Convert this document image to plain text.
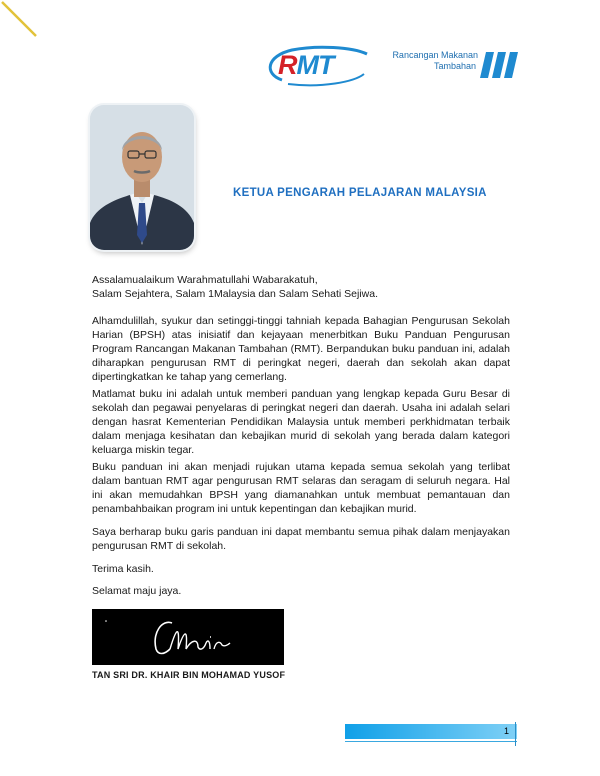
RMT	Rancangan Makanan
Tambahan
KETUA PENGARAH PELAJARAN MALAYSIA
Assalamualaikum Warahmatullahi Wabarakatuh,
Salam Sejahtera, Salam 1Malaysia dan Salam Sehati Sejiwa.

Alhamdulillah, syukur dan setinggi-tinggi tahniah kepada Bahagian Pengurusan Sekolah Harian (BPSH) atas inisiatif dan kejayaan menerbitkan Buku Panduan Pengurusan Program Rancangan Makanan Tambahan (RMT). Berpandukan buku panduan ini, adalah diharapkan pengurusan RMT di peringkat negeri, daerah dan sekolah akan dapat dipertingkatkan ke tahap yang cemerlang.

Matlamat buku ini adalah untuk memberi panduan yang lengkap kepada Guru Besar di sekolah dan pegawai penyelaras di peringkat negeri dan daerah. Usaha ini adalah selari dengan hasrat Kementerian Pendidikan Malaysia untuk memberi perkhidmatan terbaik dalam menjaga kesihatan dan kebajikan murid di sekolah yang berada dalam kategori keluarga miskin tegar.

Buku panduan ini akan menjadi rujukan utama kepada semua sekolah yang terlibat dalam bantuan RMT agar pengurusan RMT selaras dan seragam di seluruh negara. Hal ini akan memudahkan BPSH yang diamanahkan untuk membuat pemantauan dan penambahbaikan program ini untuk kepentingan dan kebajikan murid.

Saya berharap buku garis panduan ini dapat membantu semua pihak dalam menjayakan pengurusan RMT di sekolah.

Terima kasih.

Selamat maju jaya.

TAN SRI DR. KHAIR BIN MOHAMAD YUSOF
1
